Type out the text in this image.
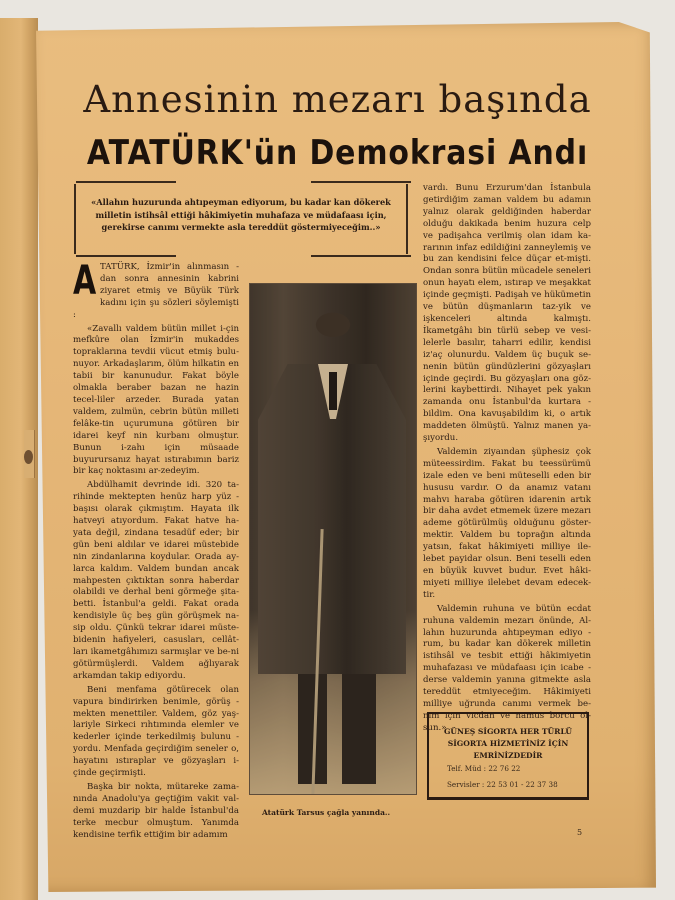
Annesinin mezarı başında
ATATÜRK'ün Demokrasi Andı
«Allahın huzurunda ahtıpeyman ediyorum, bu kadar kan dökerek milletin istihsâl ettiği hâkimiyetin muhafaza ve müdafaası için, gerekirse canımı vermekte asla tereddüt göstermiyeceğim..»
A TATÜRK, İzmir'in alınmasın - dan sonra annesinin kabrini ziyaret etmiş ve Büyük Türk kadını için şu sözleri söylemişti :

«Zavallı valdem bütün millet i-çin mefkûre olan İzmir'in mukaddes topraklarına tevdii vücut etmiş bulu-nuyor. Arkadaşlarım, ölüm hilkatin en tabii bir kanunudur. Fakat böyle olmakla beraber bazan ne hazin tecel-liler arzeder. Burada yatan valdem, zulmün, cebrin bütün milleti felâke-tin uçurumuna götüren bir idarei keyf nin kurbanı olmuştur. Bunun i-zahı için müsaade buyurursanız hayat ıstırabımın bariz bir kaç noktasını ar-zedeyim.

Abdülhamit devrinde idi. 320 ta-rihinde mektepten henüz harp yüz - başısı olarak çıkmıştım. Hayata ilk hatveyi atıyordum. Fakat hatve ha-yata değil, zindana tesadüf eder; bir gün beni aldılar ve idarei müstebide nin zindanlarına koydular. Orada ay-larca kaldım. Valdem bundan ancak mahpesten çıktıktan sonra haberdar olabildi ve derhal beni görmeğe şita-betti. İstanbul'a geldi. Fakat orada kendisiyle üç beş gün görüşmek na-sip oldu. Çünkü tekrar idarei müste-bidenin hafiyeleri, casusları, cellât-ları ikametgâhımızı sarmışlar ve be-ni götürmüşlerdi. Valdem ağlıyarak arkamdan takip ediyordu.

Beni menfama götürecek olan vapura bindirirken benimle, görüş - mekten menettiler. Valdem, göz yaş-lariyle Sirkeci rıhtımında elemler ve kederler içinde terkedilmiş bulunu - yordu. Menfada geçirdiğim seneler o, hayatını ıstıraplar ve gözyaşları i-çinde geçirmişti.

Başka bir nokta, mütareke zama-nında Anadolu'ya geçtiğim vakit val-demi muzdarip bir halde İstanbul'da terke mecbur olmuştum. Yanımda kendisine terfik ettiğim bir adamım

Atatürk Tarsus çağla yanında..

vardı. Bunu Erzurum'dan İstanbula getirdiğim zaman valdem bu adamın yalnız olarak geldiğinden haberdar olduğu dakikada benim huzura celp ve padişahca verilmiş olan idam ka-rarının infaz edildiğini zanneylemiş ve bu zan kendisini felce düçar et-mişti. Ondan sonra bütün mücadele seneleri onun hayatı elem, ıstırap ve meşakkat içinde geçmişti. Padişah ve hükümetin ve bütün düşmanların taz-yik ve işkenceleri altında kalmıştı. İkametgâhı bin türlü sebep ve vesi-lelerle basılır, taharri edilir, kendisi iz'aç olunurdu. Valdem üç buçuk se-nenin bütün gündüzlerini gözyaşları içinde geçirdi. Bu gözyaşları ona göz-lerini kaybettirdi. Nihayet pek yakın zamanda onu İstanbul'da kurtara - bildim. Ona kavuşabildim ki, o artık maddeten ölmüştü. Yalnız manen ya-şıyordu.

Valdemin ziyaından şüphesiz çok müteessirdim. Fakat bu teessürümü izale eden ve beni müteselli eden bir hususu vardır. O da anamız vatanı mahvı haraba götüren idarenin artık bir daha avdet etmemek üzere mezarı ademe götürülmüş olduğunu göster-mektir. Valdem bu toprağın altında yatsın, fakat hâkimiyeti milliye ile-lebet payidar olsun. Beni teselli eden en büyük kuvvet budur. Evet hâki-miyeti milliye ilelebet devam edecek-tir.

Valdemin ruhuna ve bütün ecdat ruhuna valdemin mezarı önünde, Al-lahın huzurunda ahtıpeyman ediyo - rum, bu kadar kan dökerek milletin istihsâl ve tesbit ettiği hâkimiyetin muhafazası ve müdafaası için icabe - derse valdemin yanına gitmekte asla tereddüt etmiyeceğim. Hâkimiyeti milliye uğrunda canımı vermek be-nim için vicdan ve namus borcu ol-sun.»

GÜNEŞ SİGORTA HER TÜRLÜ SİGORTA HİZMETİNİZ İÇİN EMRİNİZDEDİR
Telf. Müd : 22 76 22
Servisler : 22 53 01 - 22 37 38
5
